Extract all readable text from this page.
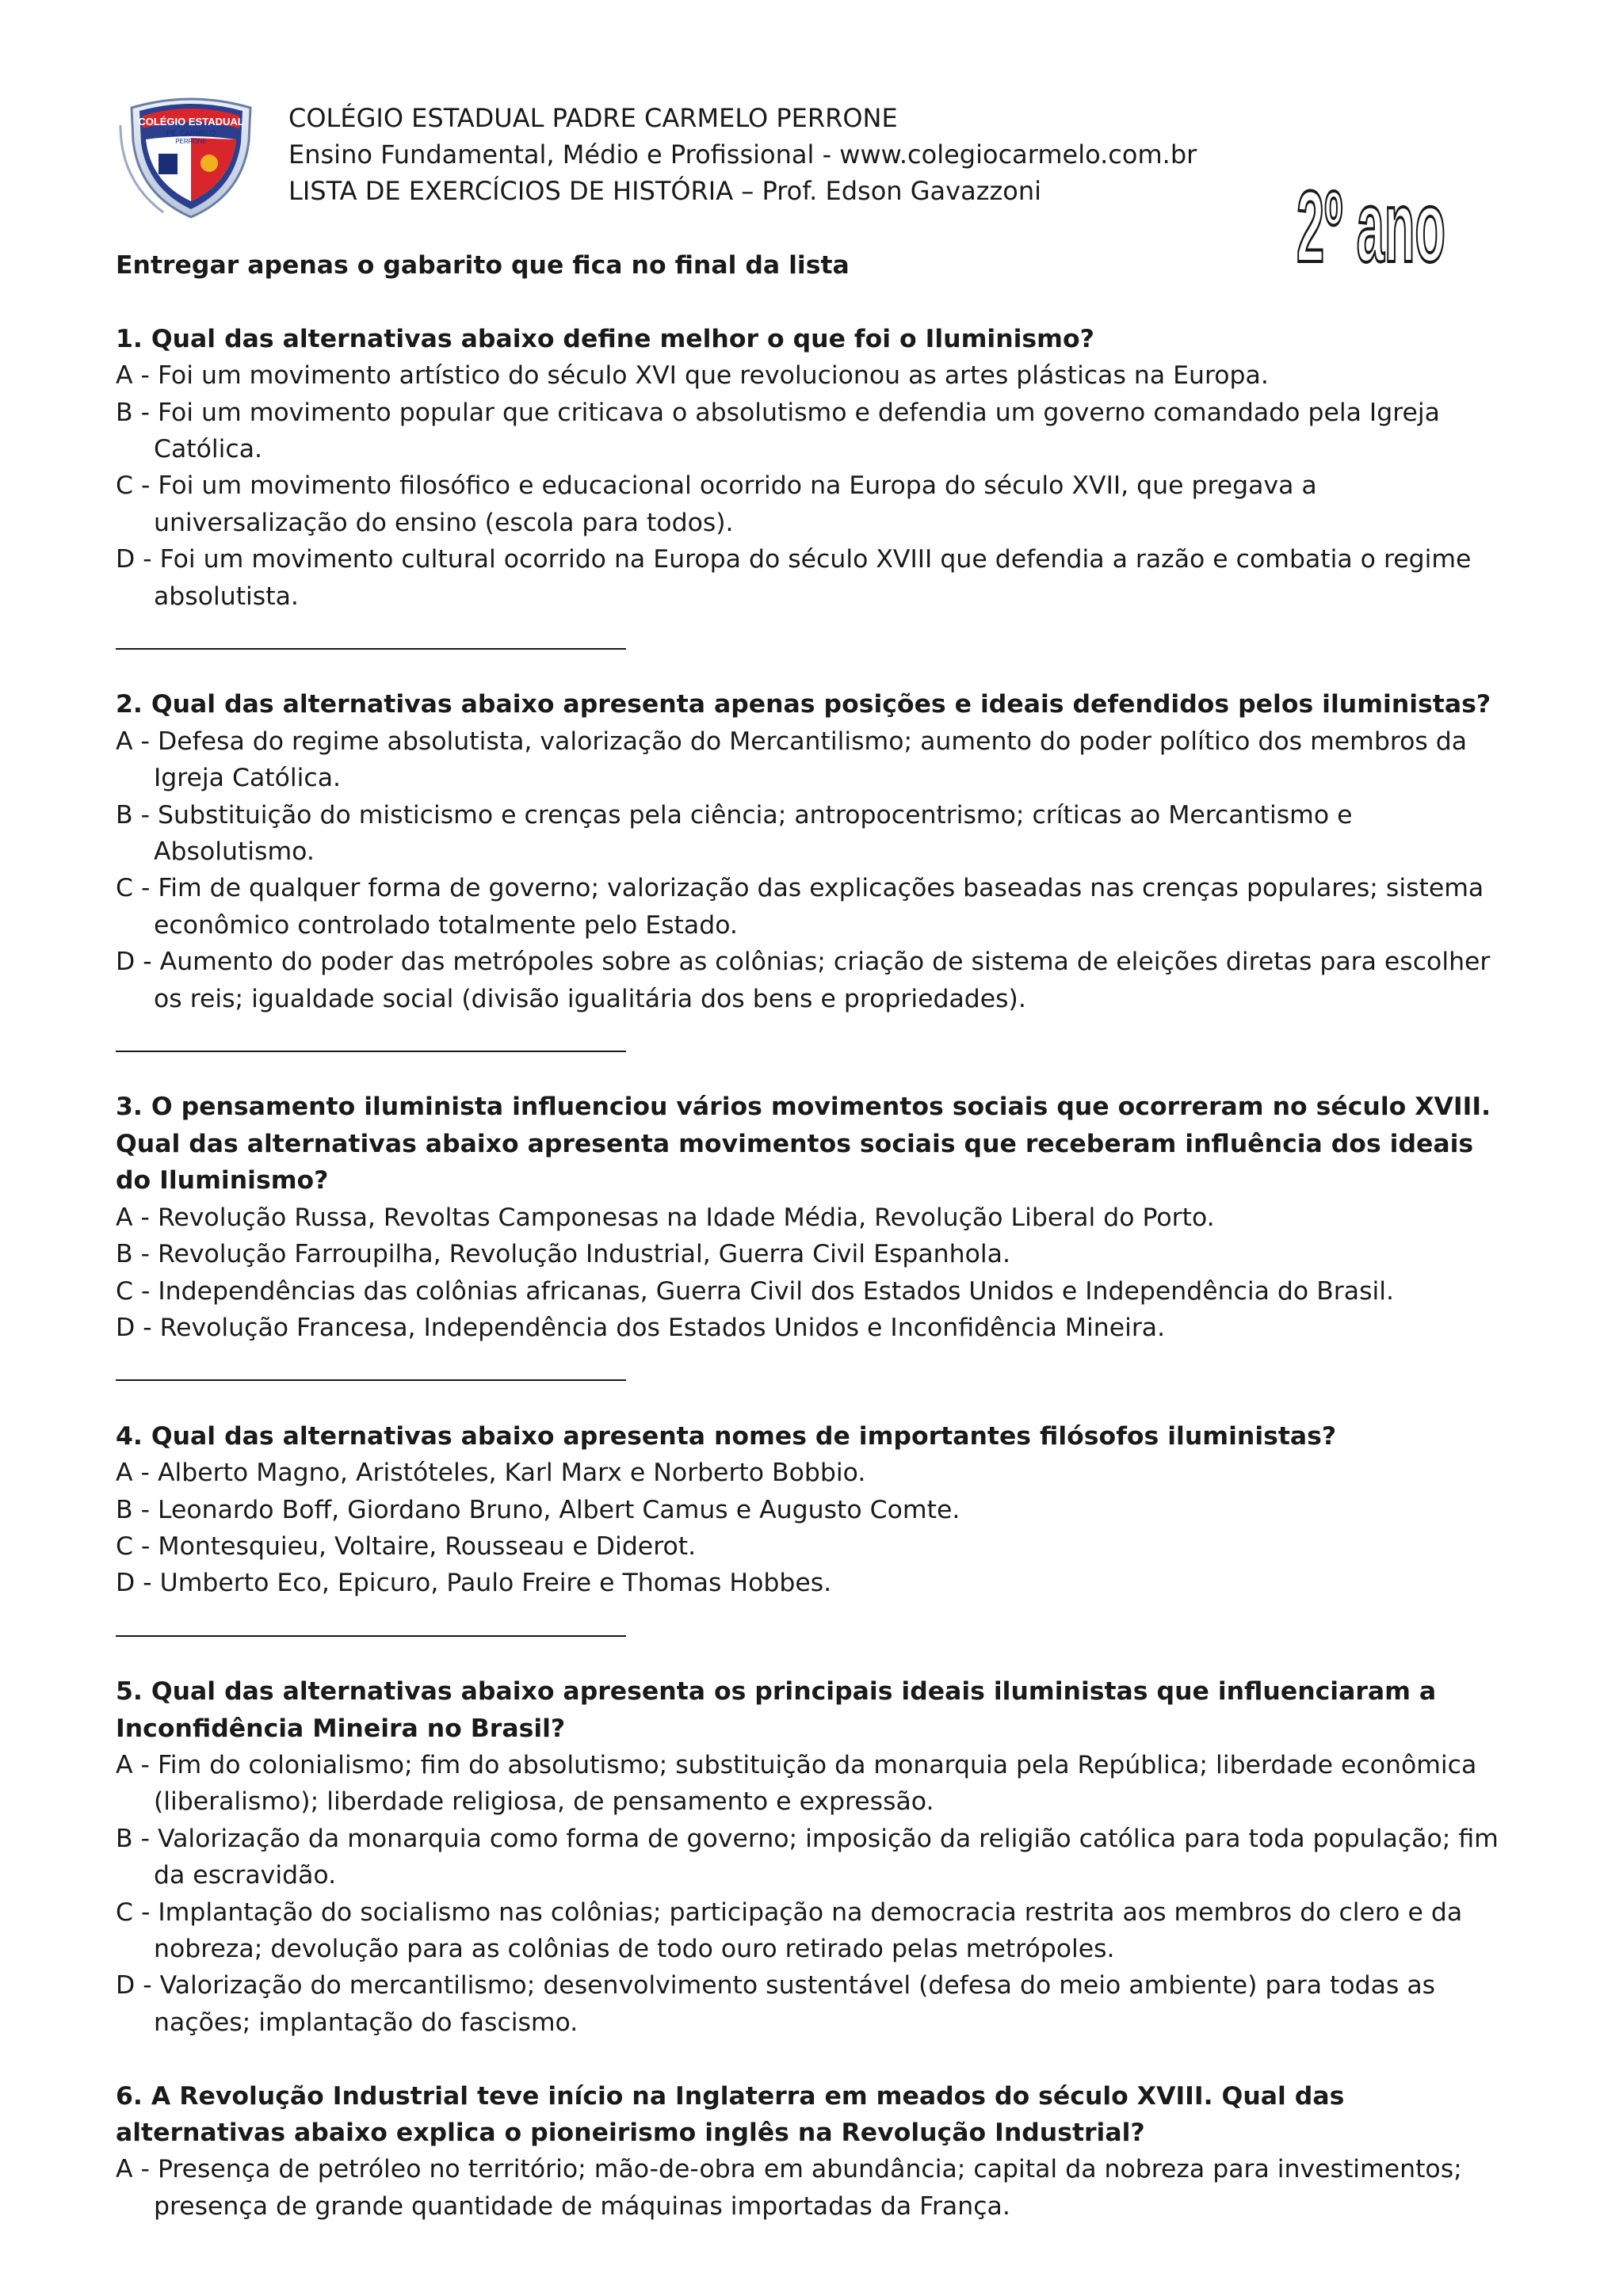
COLÉGIO ESTADUAL
PE. CARMELO
PERRONE
COLÉGIO ESTADUAL PADRE CARMELO PERRONE
Ensino Fundamental, Médio e Profissional - www.colegiocarmelo.com.br
LISTA DE EXERCÍCIOS DE HISTÓRIA – Prof. Edson Gavazzoni	2º ano
Entregar apenas o gabarito que fica no final da lista
1. Qual das alternativas abaixo define melhor o que foi o Iluminismo?
A - Foi um movimento artístico do século XVI que revolucionou as artes plásticas na Europa.
B - Foi um movimento popular que criticava o absolutismo e defendia um governo comandado pela Igreja Católica.
C - Foi um movimento filosófico e educacional ocorrido na Europa do século XVII, que pregava a universalização do ensino (escola para todos).
D - Foi um movimento cultural ocorrido na Europa do século XVIII que defendia a razão e combatia o regime absolutista.
2. Qual das alternativas abaixo apresenta apenas posições e ideais defendidos pelos iluministas?
A - Defesa do regime absolutista, valorização do Mercantilismo; aumento do poder político dos membros da Igreja Católica.
B - Substituição do misticismo e crenças pela ciência; antropocentrismo; críticas ao Mercantismo e Absolutismo.
C - Fim de qualquer forma de governo; valorização das explicações baseadas nas crenças populares; sistema econômico controlado totalmente pelo Estado.
D - Aumento do poder das metrópoles sobre as colônias; criação de sistema de eleições diretas para escolher os reis; igualdade social (divisão igualitária dos bens e propriedades).
3. O pensamento iluminista influenciou vários movimentos sociais que ocorreram no século XVIII. Qual das alternativas abaixo apresenta movimentos sociais que receberam influência dos ideais do Iluminismo?
A - Revolução Russa, Revoltas Camponesas na Idade Média, Revolução Liberal do Porto.
B - Revolução Farroupilha, Revolução Industrial, Guerra Civil Espanhola.
C - Independências das colônias africanas, Guerra Civil dos Estados Unidos e Independência do Brasil.
D - Revolução Francesa, Independência dos Estados Unidos e Inconfidência Mineira.
4. Qual das alternativas abaixo apresenta nomes de importantes filósofos iluministas?
A - Alberto Magno, Aristóteles, Karl Marx e Norberto Bobbio.
B - Leonardo Boff, Giordano Bruno, Albert Camus e Augusto Comte.
C - Montesquieu, Voltaire, Rousseau e Diderot.
D - Umberto Eco, Epicuro, Paulo Freire e Thomas Hobbes.
5. Qual das alternativas abaixo apresenta os principais ideais iluministas que influenciaram a Inconfidência Mineira no Brasil?
A - Fim do colonialismo; fim do absolutismo; substituição da monarquia pela República; liberdade econômica (liberalismo); liberdade religiosa, de pensamento e expressão.
B - Valorização da monarquia como forma de governo; imposição da religião católica para toda população; fim da escravidão.
C - Implantação do socialismo nas colônias; participação na democracia restrita aos membros do clero e da nobreza; devolução para as colônias de todo ouro retirado pelas metrópoles.
D - Valorização do mercantilismo; desenvolvimento sustentável (defesa do meio ambiente) para todas as nações; implantação do fascismo.
6. A Revolução Industrial teve início na Inglaterra em meados do século XVIII. Qual das alternativas abaixo explica o pioneirismo inglês na Revolução Industrial?
A - Presença de petróleo no território; mão-de-obra em abundância; capital da nobreza para investimentos; presença de grande quantidade de máquinas importadas da França.
